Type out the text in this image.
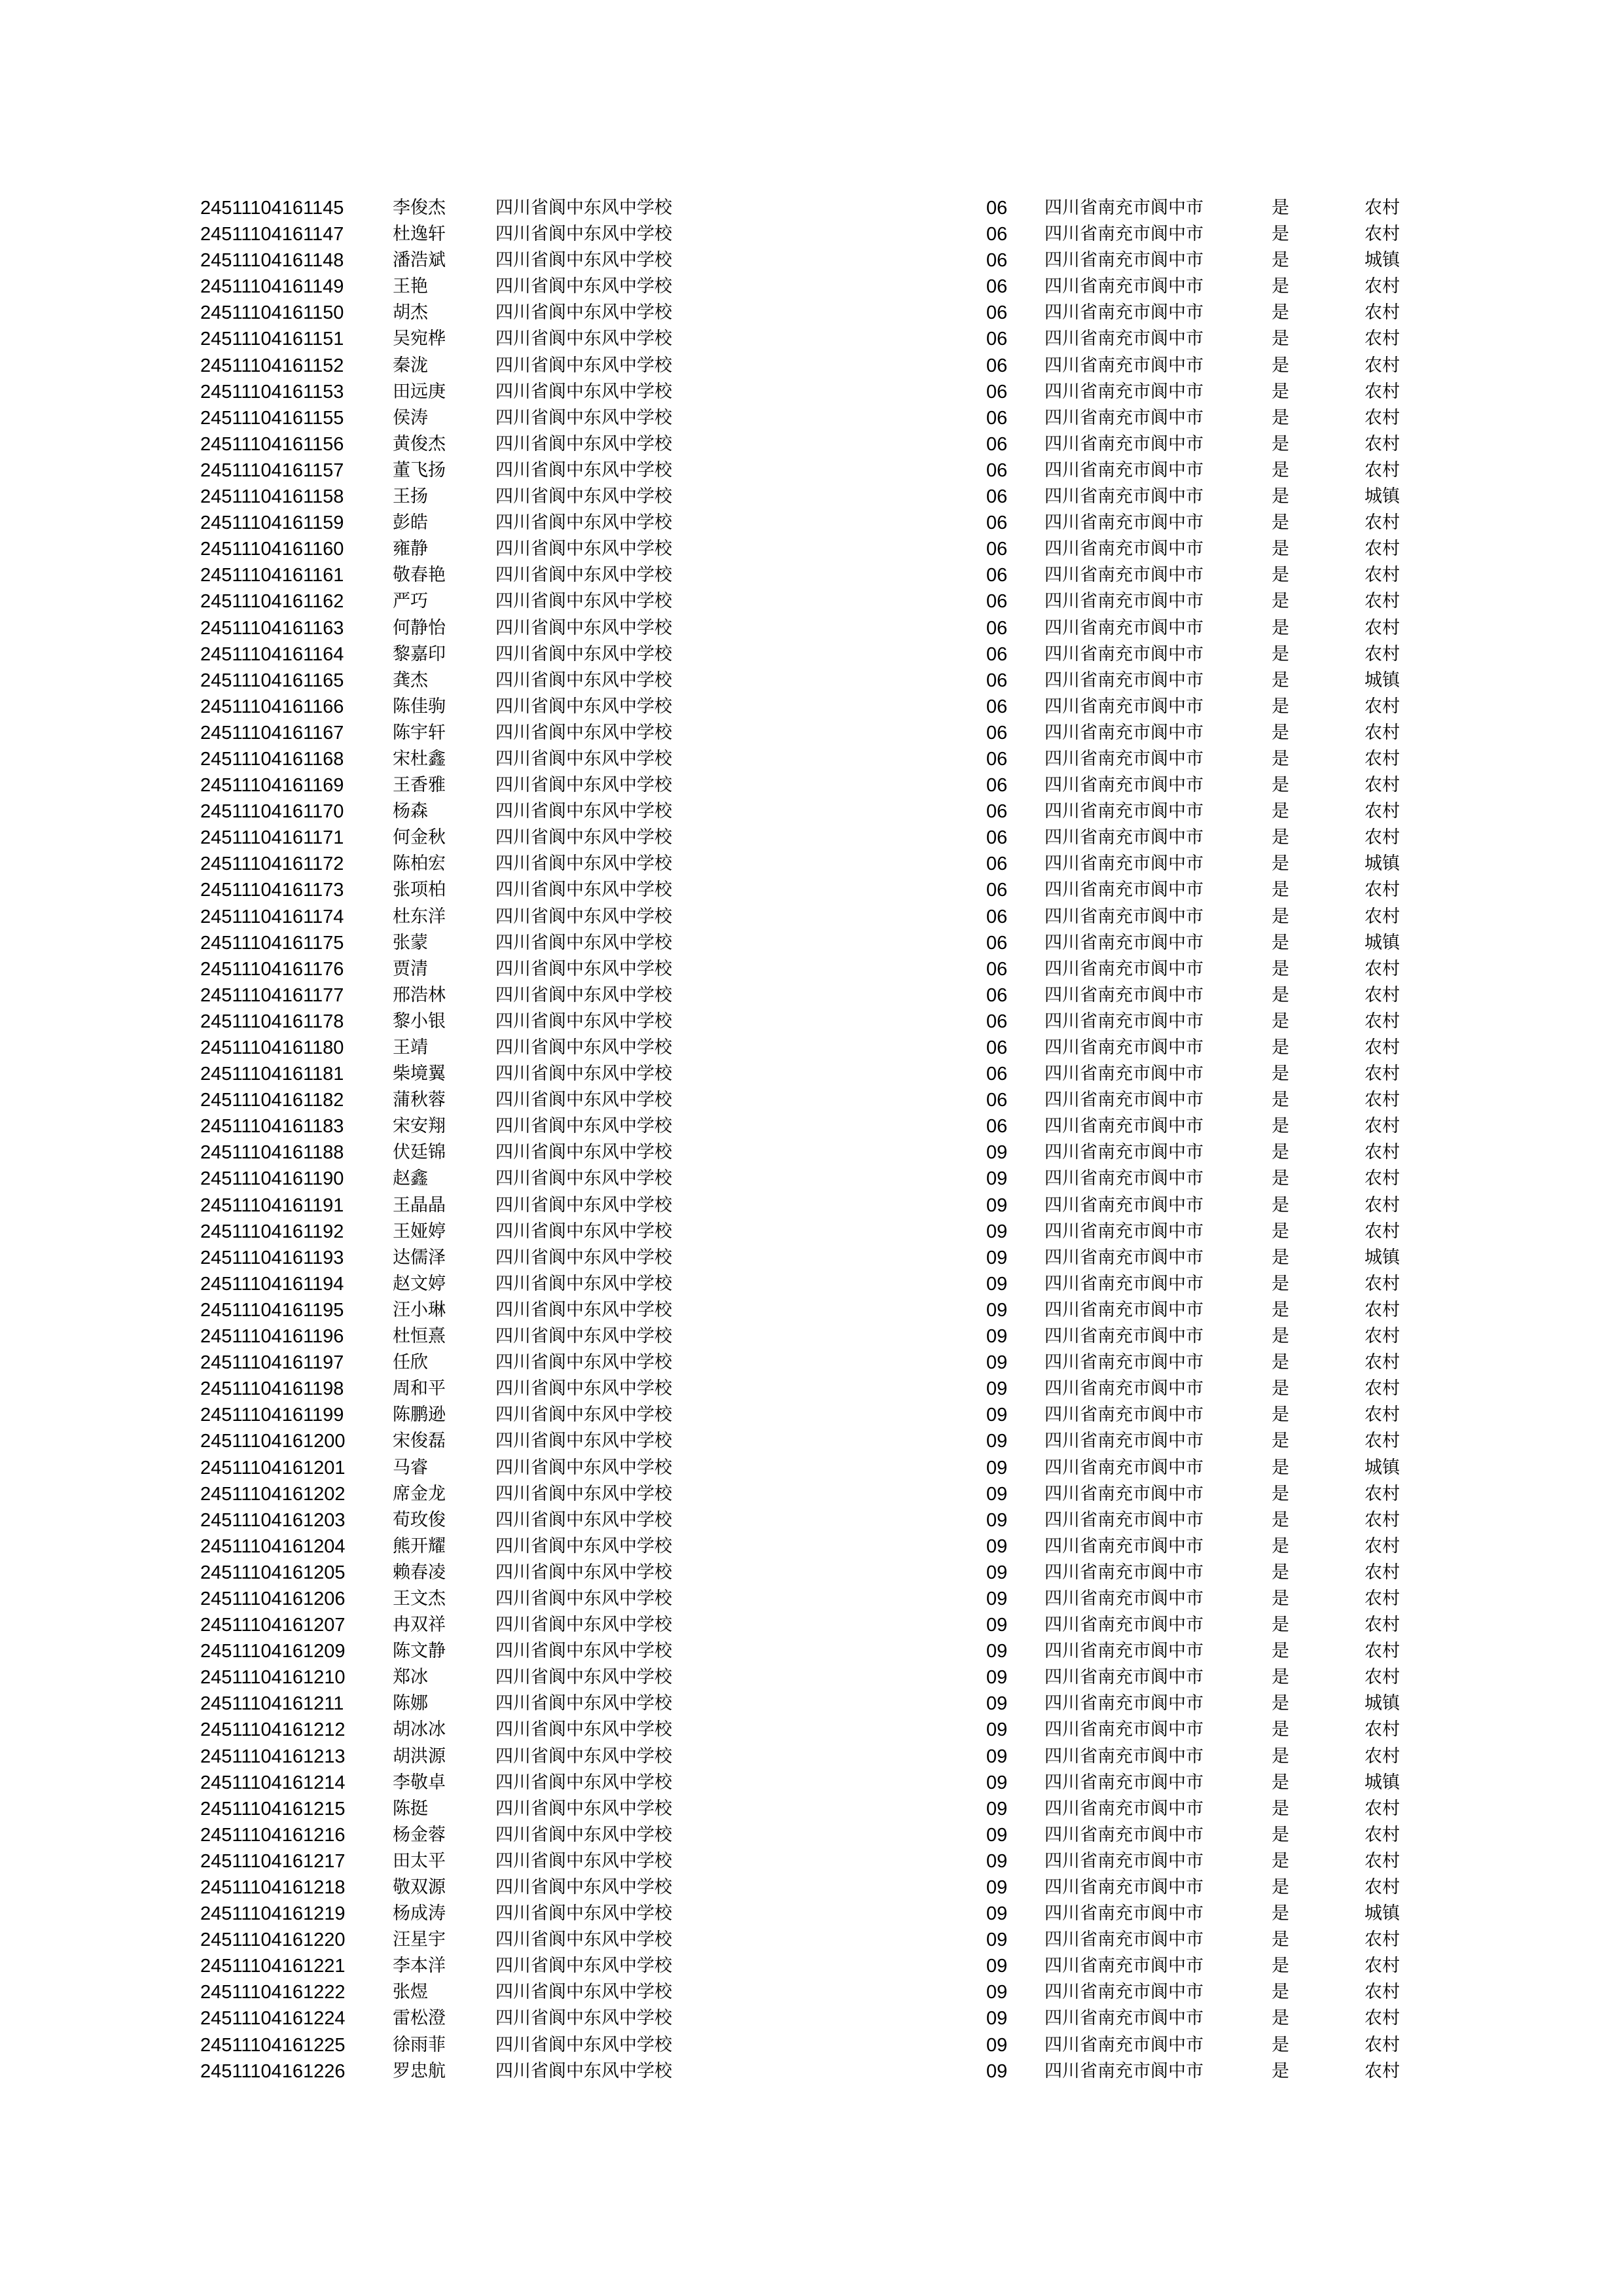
24511104161145	李俊杰	四川省阆中东风中学校	06 四川省南充市阆中市	是	农村
24511104161147	杜逸轩	四川省阆中东风中学校	06 四川省南充市阆中市	是	农村
24511104161148	潘浩斌	四川省阆中东风中学校	06 四川省南充市阆中市	是	城镇
24511104161149	王艳	四川省阆中东风中学校	06 四川省南充市阆中市	是	农村
24511104161150	胡杰	四川省阆中东风中学校	06 四川省南充市阆中市	是	农村
24511104161151	吴宛桦	四川省阆中东风中学校	06 四川省南充市阆中市	是	农村
24511104161152	秦泷	四川省阆中东风中学校	06 四川省南充市阆中市	是	农村
24511104161153	田远庚	四川省阆中东风中学校	06 四川省南充市阆中市	是	农村
24511104161155	侯涛	四川省阆中东风中学校	06 四川省南充市阆中市	是	农村
24511104161156	黄俊杰	四川省阆中东风中学校	06 四川省南充市阆中市	是	农村
24511104161157	董飞扬	四川省阆中东风中学校	06 四川省南充市阆中市	是	农村
24511104161158	王扬	四川省阆中东风中学校	06 四川省南充市阆中市	是	城镇
24511104161159	彭皓	四川省阆中东风中学校	06 四川省南充市阆中市	是	农村
24511104161160	雍静	四川省阆中东风中学校	06 四川省南充市阆中市	是	农村
24511104161161	敬春艳	四川省阆中东风中学校	06 四川省南充市阆中市	是	农村
24511104161162	严巧	四川省阆中东风中学校	06 四川省南充市阆中市	是	农村
24511104161163	何静怡	四川省阆中东风中学校	06 四川省南充市阆中市	是	农村
24511104161164	黎嘉印	四川省阆中东风中学校	06 四川省南充市阆中市	是	农村
24511104161165	龚杰	四川省阆中东风中学校	06 四川省南充市阆中市	是	城镇
24511104161166	陈佳驹	四川省阆中东风中学校	06 四川省南充市阆中市	是	农村
24511104161167	陈宇轩	四川省阆中东风中学校	06 四川省南充市阆中市	是	农村
24511104161168	宋杜鑫	四川省阆中东风中学校	06 四川省南充市阆中市	是	农村
24511104161169	王香雅	四川省阆中东风中学校	06 四川省南充市阆中市	是	农村
24511104161170	杨森	四川省阆中东风中学校	06 四川省南充市阆中市	是	农村
24511104161171	何金秋	四川省阆中东风中学校	06 四川省南充市阆中市	是	农村
24511104161172	陈柏宏	四川省阆中东风中学校	06 四川省南充市阆中市	是	城镇
24511104161173	张项柏	四川省阆中东风中学校	06 四川省南充市阆中市	是	农村
24511104161174	杜东洋	四川省阆中东风中学校	06 四川省南充市阆中市	是	农村
24511104161175	张蒙	四川省阆中东风中学校	06 四川省南充市阆中市	是	城镇
24511104161176	贾清	四川省阆中东风中学校	06 四川省南充市阆中市	是	农村
24511104161177	邢浩林	四川省阆中东风中学校	06 四川省南充市阆中市	是	农村
24511104161178	黎小银	四川省阆中东风中学校	06 四川省南充市阆中市	是	农村
24511104161180	王靖	四川省阆中东风中学校	06 四川省南充市阆中市	是	农村
24511104161181	柴境翼	四川省阆中东风中学校	06 四川省南充市阆中市	是	农村
24511104161182	蒲秋蓉	四川省阆中东风中学校	06 四川省南充市阆中市	是	农村
24511104161183	宋安翔	四川省阆中东风中学校	06 四川省南充市阆中市	是	农村
24511104161188	伏廷锦	四川省阆中东风中学校	09 四川省南充市阆中市	是	农村
24511104161190	赵鑫	四川省阆中东风中学校	09 四川省南充市阆中市	是	农村
24511104161191	王晶晶	四川省阆中东风中学校	09 四川省南充市阆中市	是	农村
24511104161192	王娅婷	四川省阆中东风中学校	09 四川省南充市阆中市	是	农村
24511104161193	达儒泽	四川省阆中东风中学校	09 四川省南充市阆中市	是	城镇
24511104161194	赵文婷	四川省阆中东风中学校	09 四川省南充市阆中市	是	农村
24511104161195	汪小琳	四川省阆中东风中学校	09 四川省南充市阆中市	是	农村
24511104161196	杜恒熹	四川省阆中东风中学校	09 四川省南充市阆中市	是	农村
24511104161197	任欣	四川省阆中东风中学校	09 四川省南充市阆中市	是	农村
24511104161198	周和平	四川省阆中东风中学校	09 四川省南充市阆中市	是	农村
24511104161199	陈鹏逊	四川省阆中东风中学校	09 四川省南充市阆中市	是	农村
24511104161200	宋俊磊	四川省阆中东风中学校	09 四川省南充市阆中市	是	农村
24511104161201	马睿	四川省阆中东风中学校	09 四川省南充市阆中市	是	城镇
24511104161202	席金龙	四川省阆中东风中学校	09 四川省南充市阆中市	是	农村
24511104161203	荀玫俊	四川省阆中东风中学校	09 四川省南充市阆中市	是	农村
24511104161204	熊开耀	四川省阆中东风中学校	09 四川省南充市阆中市	是	农村
24511104161205	赖春凌	四川省阆中东风中学校	09 四川省南充市阆中市	是	农村
24511104161206	王文杰	四川省阆中东风中学校	09 四川省南充市阆中市	是	农村
24511104161207	冉双祥	四川省阆中东风中学校	09 四川省南充市阆中市	是	农村
24511104161209	陈文静	四川省阆中东风中学校	09 四川省南充市阆中市	是	农村
24511104161210	郑冰	四川省阆中东风中学校	09 四川省南充市阆中市	是	农村
24511104161211	陈娜	四川省阆中东风中学校	09 四川省南充市阆中市	是	城镇
24511104161212	胡冰冰	四川省阆中东风中学校	09 四川省南充市阆中市	是	农村
24511104161213	胡洪源	四川省阆中东风中学校	09 四川省南充市阆中市	是	农村
24511104161214	李敬卓	四川省阆中东风中学校	09 四川省南充市阆中市	是	城镇
24511104161215	陈挺	四川省阆中东风中学校	09 四川省南充市阆中市	是	农村
24511104161216	杨金蓉	四川省阆中东风中学校	09 四川省南充市阆中市	是	农村
24511104161217	田太平	四川省阆中东风中学校	09 四川省南充市阆中市	是	农村
24511104161218	敬双源	四川省阆中东风中学校	09 四川省南充市阆中市	是	农村
24511104161219	杨成涛	四川省阆中东风中学校	09 四川省南充市阆中市	是	城镇
24511104161220	汪星宇	四川省阆中东风中学校	09 四川省南充市阆中市	是	农村
24511104161221	李本洋	四川省阆中东风中学校	09 四川省南充市阆中市	是	农村
24511104161222	张煜	四川省阆中东风中学校	09 四川省南充市阆中市	是	农村
24511104161224	雷松澄	四川省阆中东风中学校	09 四川省南充市阆中市	是	农村
24511104161225	徐雨菲	四川省阆中东风中学校	09 四川省南充市阆中市	是	农村
24511104161226	罗忠航	四川省阆中东风中学校	09 四川省南充市阆中市	是	农村
